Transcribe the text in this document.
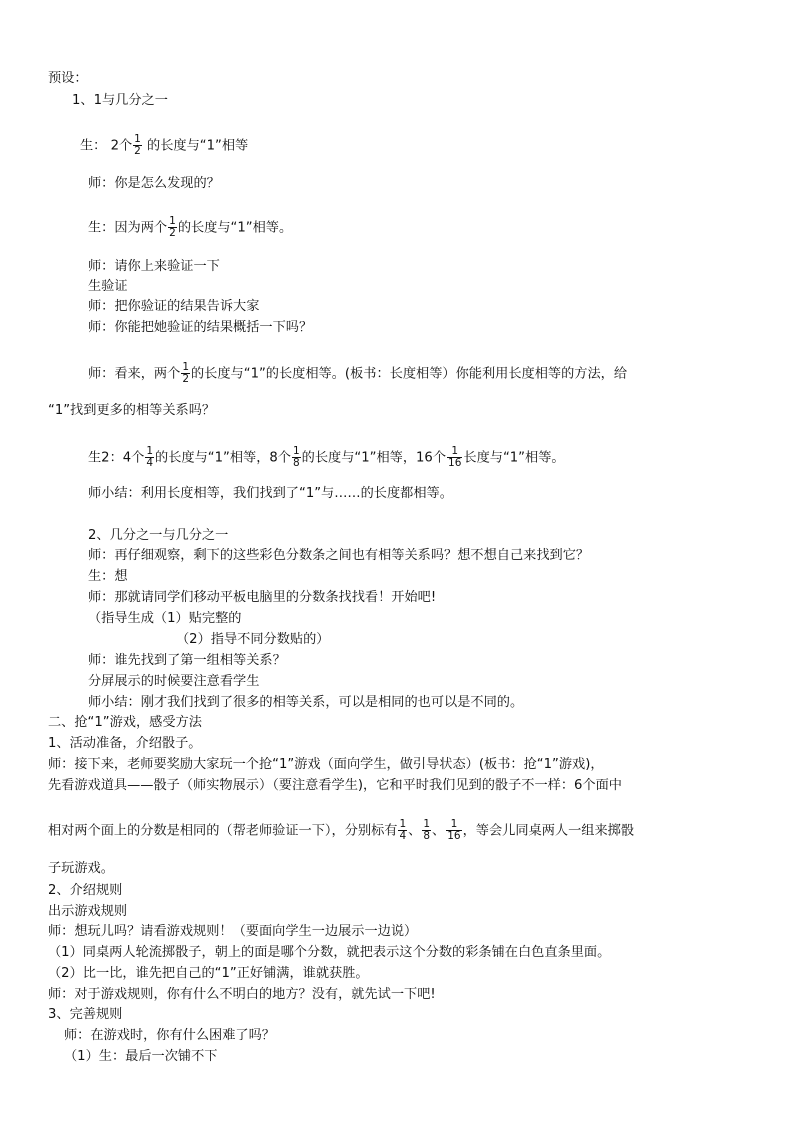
预设：
1、1与几分之一
生： 2个 $\frac{1}{2}$ 的长度与“1”相等
师：你是怎么发现的？
生：因为两个 $\frac{1}{2}$ 的长度与“1”相等。
师：请你上来验证一下
生验证
师：把你验证的结果告诉大家
师：你能把她验证的结果概括一下吗？
师：看来，两个 $\frac{1}{2}$ 的长度与“1”的长度相等。(板书：长度相等）你能利用长度相等的方法，给
“1”找到更多的相等关系吗？
生2：4个 $\frac{1}{4}$ 的长度与“1”相等，8个 $\frac{1}{8}$ 的长度与“1”相等，16个 $\frac{1}{16}$ 长度与“1”相等。
师小结：利用长度相等，我们找到了“1”与……的长度都相等。
2、几分之一与几分之一
师：再仔细观察，剩下的这些彩色分数条之间也有相等关系吗？想不想自己来找到它？
生：想
师：那就请同学们移动平板电脑里的分数条找找看！开始吧!
（指导生成（1）贴完整的
（2）指导不同分数贴的）
师：谁先找到了第一组相等关系？
分屏展示的时候要注意看学生
师小结：刚才我们找到了很多的相等关系，可以是相同的也可以是不同的。
二、抢“1”游戏，感受方法
1、活动准备，介绍骰子。
师：接下来，老师要奖励大家玩一个抢“1”游戏（面向学生，做引导状态）(板书：抢“1”游戏)，
先看游戏道具——骰子（师实物展示）（要注意看学生)，它和平时我们见到的骰子不一样：6个面中
相对两个面上的分数是相同的（帮老师验证一下），分别标有 $\frac{1}{4}$ 、 $\frac{1}{8}$ 、 $\frac{1}{16}$ ，等会儿同桌两人一组来掷骰
子玩游戏。
2、介绍规则
出示游戏规则
师：想玩儿吗？请看游戏规则！（要面向学生一边展示一边说）
（1）同桌两人轮流掷骰子，朝上的面是哪个分数，就把表示这个分数的彩条铺在白色直条里面。
（2）比一比，谁先把自己的“1”正好铺满，谁就获胜。
师：对于游戏规则，你有什么不明白的地方？没有，就先试一下吧!
3、完善规则
师：在游戏时，你有什么困难了吗？
（1）生：最后一次铺不下
